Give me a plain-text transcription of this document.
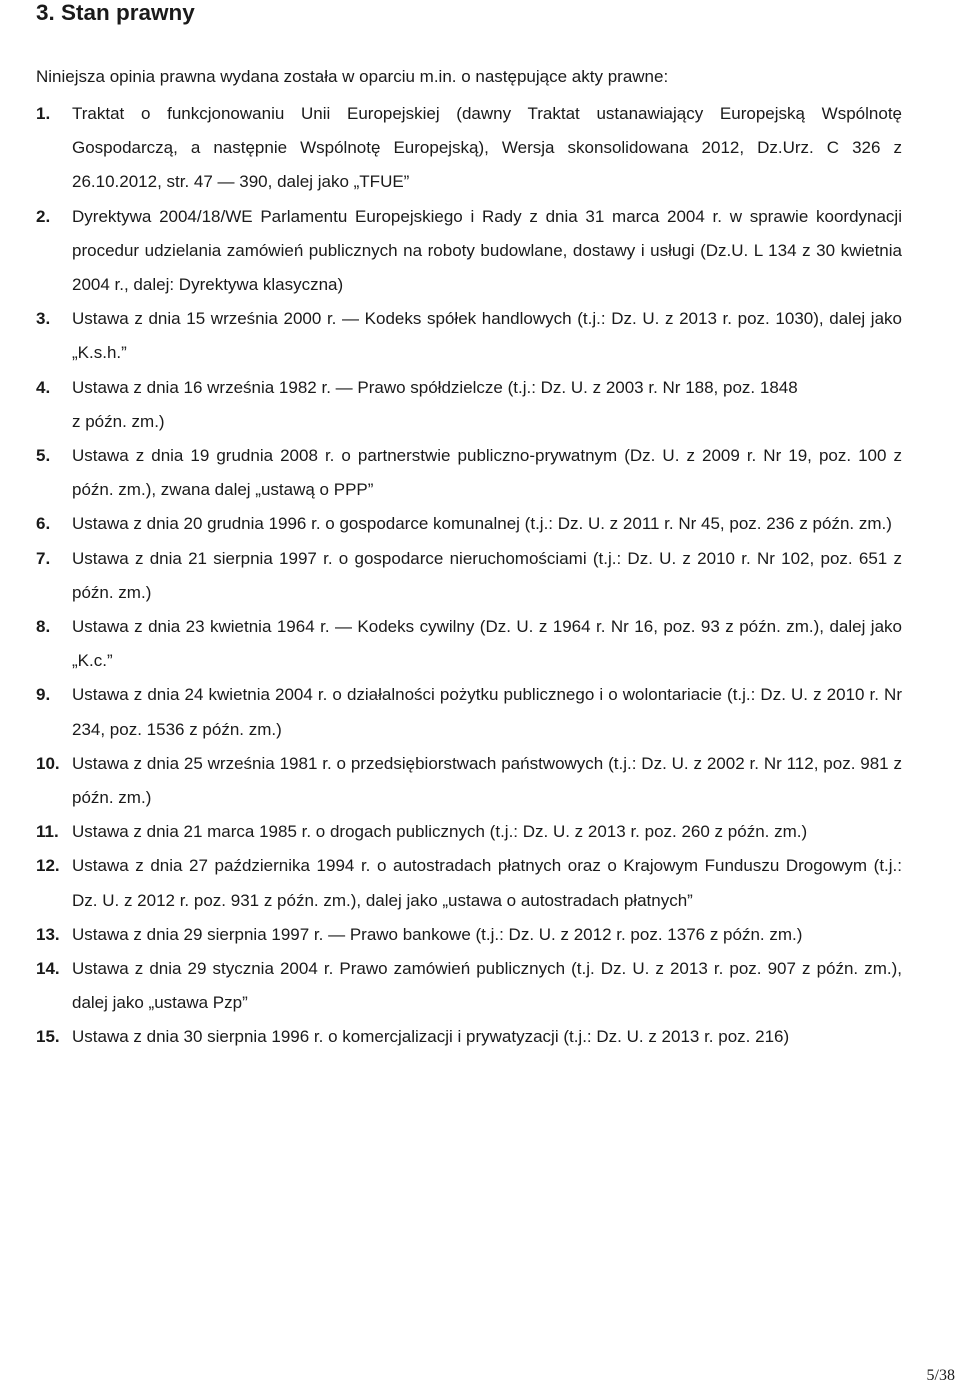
3. Stan prawny

Niniejsza opinia prawna wydana została w oparciu m.in. o następujące akty prawne:

1. Traktat o funkcjonowaniu Unii Europejskiej (dawny Traktat ustanawiający Europejską Wspólnotę Gospodarczą, a następnie Wspólnotę Europejską), Wersja skonsolidowana 2012, Dz.Urz. C 326 z 26.10.2012, str. 47 — 390, dalej jako „TFUE”
2. Dyrektywa 2004/18/WE Parlamentu Europejskiego i Rady z dnia 31 marca 2004 r. w sprawie koordynacji procedur udzielania zamówień publicznych na roboty budowlane, dostawy i usługi (Dz.U. L 134 z 30 kwietnia 2004 r., dalej: Dyrektywa klasyczna)
3. Ustawa z dnia 15 września 2000 r. — Kodeks spółek handlowych (t.j.: Dz. U. z 2013 r. poz. 1030), dalej jako „K.s.h.”
4. Ustawa z dnia 16 września 1982 r. — Prawo spółdzielcze (t.j.: Dz. U. z 2003 r. Nr 188, poz. 1848
z późn. zm.)
5. Ustawa z dnia 19 grudnia 2008 r. o partnerstwie publiczno-prywatnym (Dz. U. z 2009 r. Nr 19, poz. 100 z późn. zm.), zwana dalej „ustawą o PPP”
6. Ustawa z dnia 20 grudnia 1996 r. o gospodarce komunalnej (t.j.: Dz. U. z 2011 r. Nr 45, poz. 236 z późn. zm.)
7. Ustawa z dnia 21 sierpnia 1997 r. o gospodarce nieruchomościami (t.j.: Dz. U. z 2010 r. Nr 102, poz. 651 z późn. zm.)
8. Ustawa z dnia 23 kwietnia 1964 r. — Kodeks cywilny (Dz. U. z 1964 r. Nr 16, poz. 93 z późn. zm.), dalej jako „K.c.”
9. Ustawa z dnia 24 kwietnia 2004 r. o działalności pożytku publicznego i o wolontariacie (t.j.: Dz. U. z 2010 r. Nr 234, poz. 1536 z późn. zm.)
10. Ustawa z dnia 25 września 1981 r. o przedsiębiorstwach państwowych (t.j.: Dz. U. z 2002 r. Nr 112, poz. 981 z późn. zm.)
11. Ustawa z dnia 21 marca 1985 r. o drogach publicznych (t.j.: Dz. U. z 2013 r. poz. 260 z późn. zm.)
12. Ustawa z dnia 27 października 1994 r. o autostradach płatnych oraz o Krajowym Funduszu Drogowym (t.j.: Dz. U. z 2012 r. poz. 931 z późn. zm.), dalej jako „ustawa o autostradach płatnych”
13. Ustawa z dnia 29 sierpnia 1997 r. — Prawo bankowe (t.j.: Dz. U. z 2012 r. poz. 1376 z późn. zm.)
14. Ustawa z dnia 29 stycznia 2004 r. Prawo zamówień publicznych (t.j. Dz. U. z 2013 r. poz. 907 z późn. zm.), dalej jako „ustawa Pzp”
15. Ustawa z dnia 30 sierpnia 1996 r. o komercjalizacji i prywatyzacji (t.j.: Dz. U. z 2013 r. poz. 216)
5/38
